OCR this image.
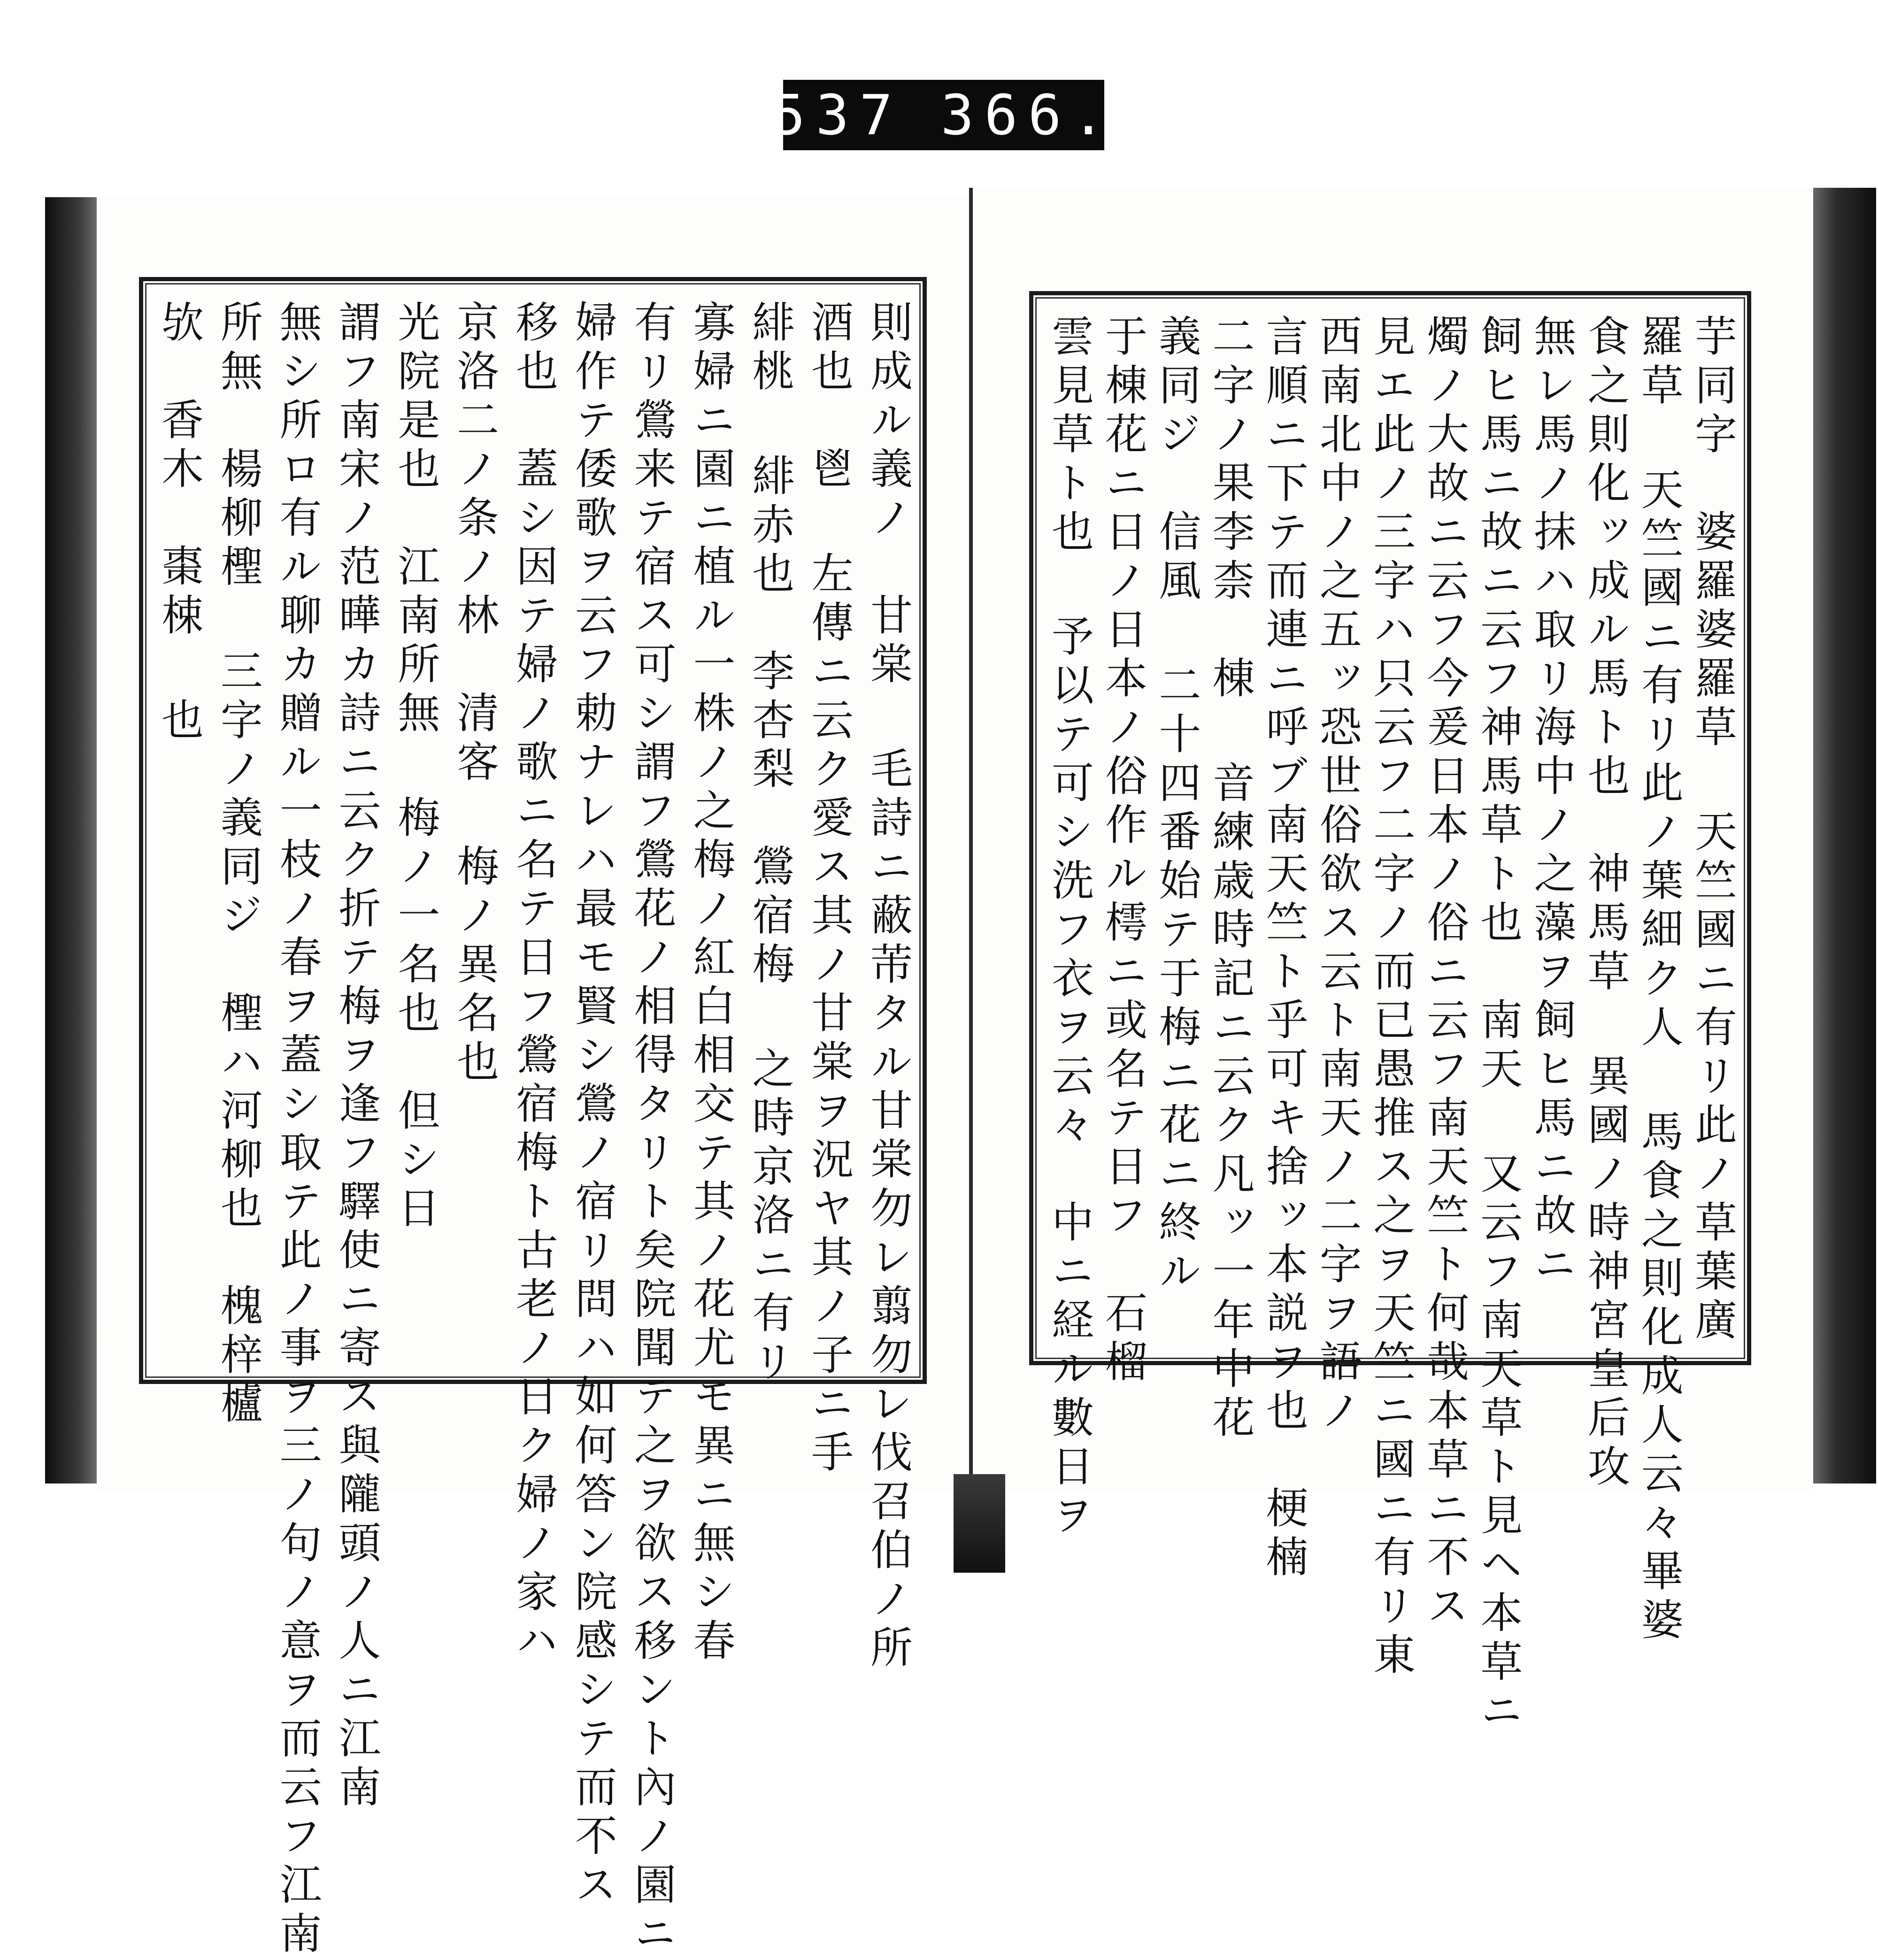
537 366.
則成ル義ノ　甘棠 毛詩ニ蔽芾タル甘棠勿レ翦勿レ伐召伯ノ所
酒也　鬯 左傳ニ云ク愛ス其ノ甘棠ヲ況ヤ其ノ子ニ手
緋桃 緋赤也　李杏梨　鶯宿梅 之時京洛ニ有リ
寡婦ニ園ニ植ル一株ノ之梅ノ紅白相交テ其ノ花尤モ異ニ無シ春
有リ鶯来テ宿ス可シ謂フ鶯花ノ相得タリト矣院聞テ之ヲ欲ス移ント內ノ園ニ
婦作テ倭歌ヲ云フ勅ナレハ最モ賢シ鶯ノ宿リ問ハ如何答ン院感シテ而不ス
移也　蓋シ因テ婦ノ歌ニ名テ日フ鶯宿梅ト古老ノ日ク婦ノ家ハ
京洛二ノ条ノ林　清客 梅ノ異名也
光院是也　江南所無 梅ノ一名也　但シ日
謂フ南宋ノ范曄カ詩ニ云ク折テ梅ヲ逢フ驛使ニ寄ス與隴頭ノ人ニ江南
無シ所ロ有ル聊カ贈ル一枝ノ春ヲ蓋シ取テ此ノ事ヲ三ノ句ノ意ヲ而云フ江南
所無　楊柳檉 三字ノ義同ジ　檉ハ河柳也　槐梓櫨
欤　香木　棗梀 也	芋同字　婆羅婆羅草 天竺國ニ有リ此ノ草葉廣
羅草 天竺國ニ有リ此ノ葉細ク人 馬食之則化成人云々畢婆
食之則化ッ成ル馬ト也　神馬草 異國ノ時神宮皇后攻
無レ馬ノ抹ハ取リ海中ノ之藻ヲ飼ヒ馬ニ故ニ
飼ヒ馬ニ故ニ云フ神馬草ト也　南天 又云フ南天草ト見ヘ本草ニ
燭ノ大故ニ云フ今爰日本ノ俗ニ云フ南天竺ト何哉本草ニ不ス
見エ此ノ三字ハ只云フ二字ノ而已愚推ス之ヲ天竺ニ國ニ有リ東
西南北中ノ之五ッ恐世俗欲ス云ト南天ノ二字ヲ語ノ
言順ニ下テ而連ニ呼ブ南天竺ト乎可キ捨ッ本説ヲ也　梗楠
二字ノ果李柰　棟 音練歳時記ニ云ク凡ッ一年中花
義同ジ　信風 二十四番始テ于梅ニ花ニ終ル
于棟花ニ日ノ日本ノ俗作ル樗ニ或名テ日フ　石榴
雲見草ト也 予以テ可シ洗フ衣ヲ云々　中ニ経ル數日ヲ
